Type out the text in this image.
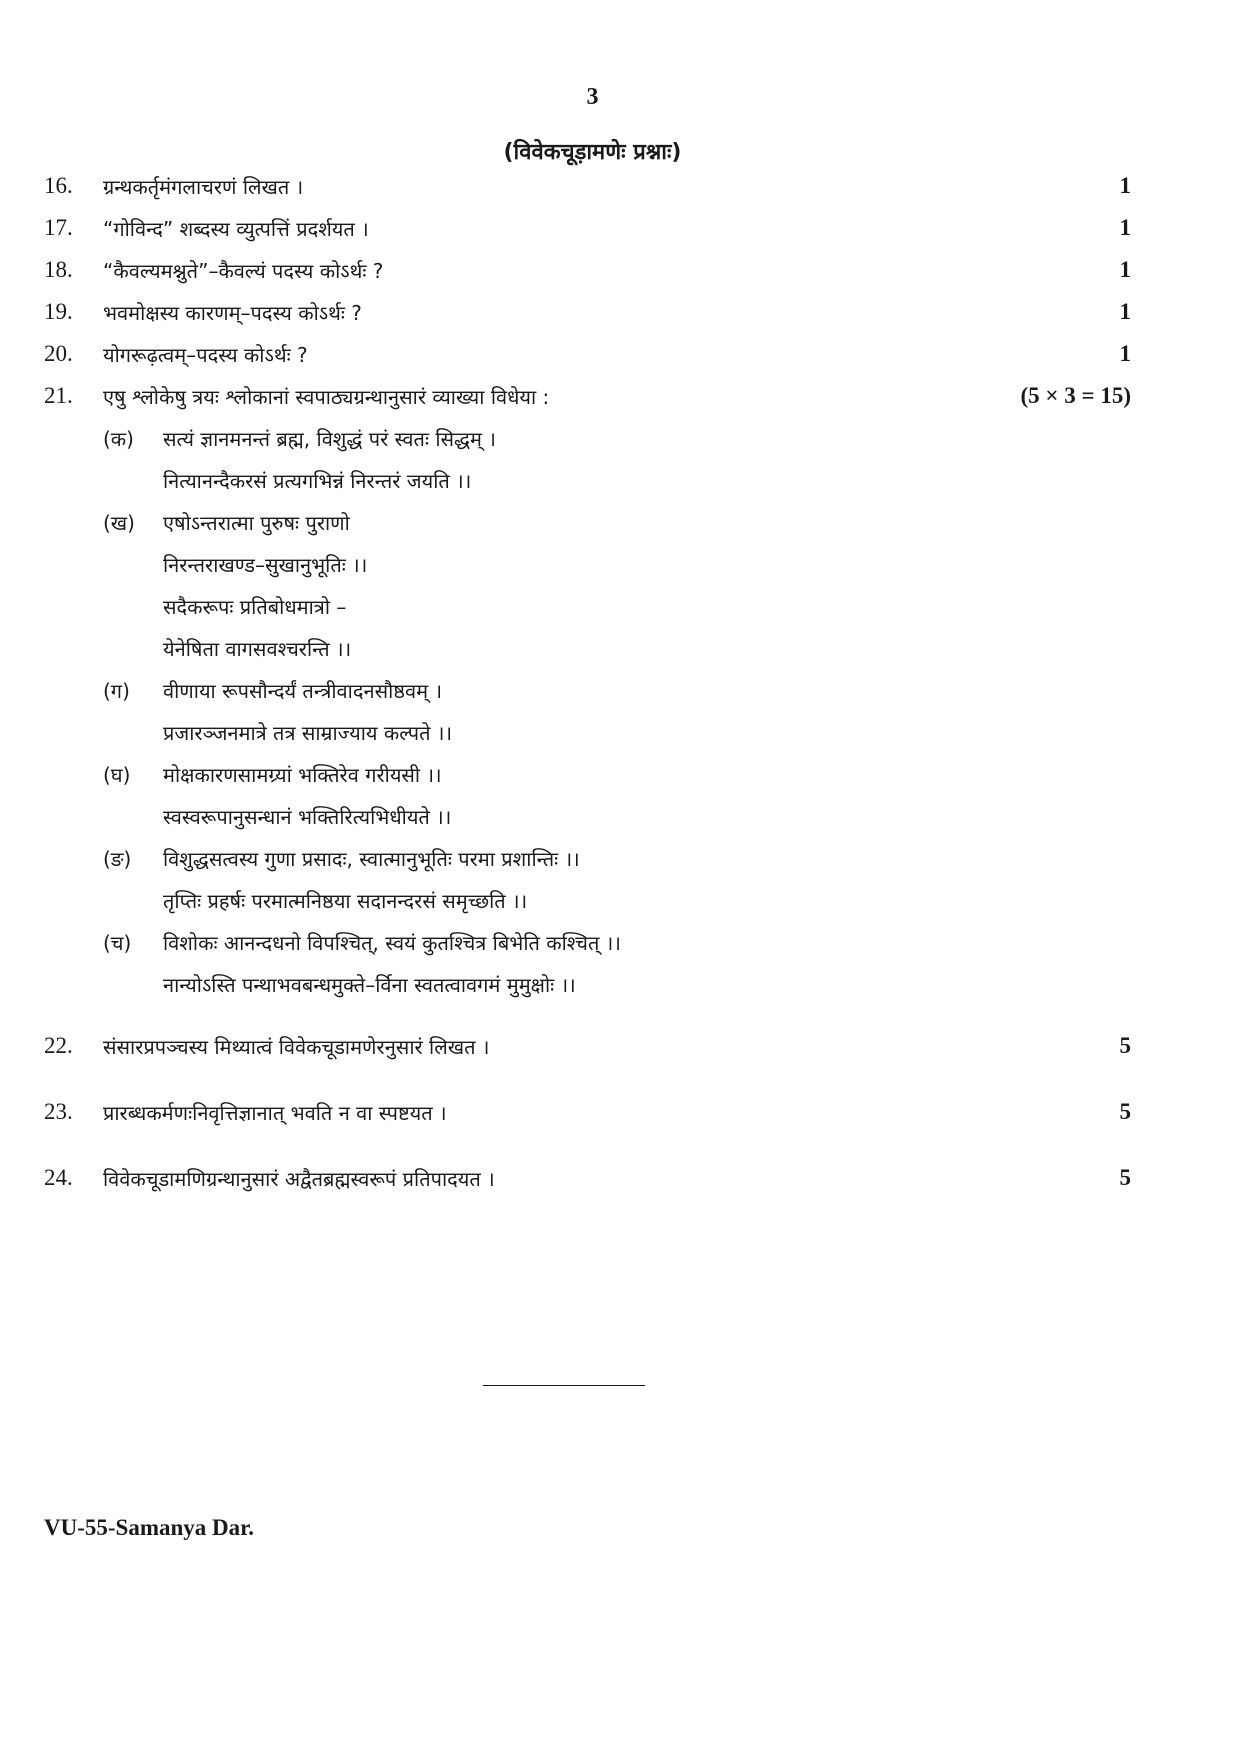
3
(विवेकचूड़ामणेः प्रश्नाः)
16.	ग्रन्थकर्तृमंगलाचरणं लिखत ।	1
17.	“गोविन्द” शब्दस्य व्युत्पत्तिं प्रदर्शयत ।	1
18.	“कैवल्यमश्नुते”–कैवल्यं पदस्य कोऽर्थः ?	1
19.	भवमोक्षस्य कारणम्–पदस्य कोऽर्थः ?	1
20.	योगरूढ़त्वम्–पदस्य कोऽर्थः ?	1
21.	एषु श्लोकेषु त्रयः श्लोकानां स्वपाठ्यग्रन्थानुसारं व्याख्या विधेया :	(5 × 3 = 15)
(क) सत्यं ज्ञानमनन्तं ब्रह्म, विशुद्धं परं स्वतः सिद्धम् ।
नित्यानन्दैकरसं प्रत्यगभिन्नं निरन्तरं जयति ।।
(ख) एषोऽन्तरात्मा पुरुषः पुराणो
निरन्तराखण्ड–सुखानुभूतिः ।।
सदैकरूपः प्रतिबोधमात्रो –
येनेषिता वागसवश्चरन्ति ।।
(ग) वीणाया रूपसौन्दर्यं तन्त्रीवादनसौष्ठवम् ।
प्रजारञ्जनमात्रे तत्र साम्राज्याय कल्पते ।।
(घ) मोक्षकारणसामग्र्यां भक्तिरेव गरीयसी ।।
स्वस्वरूपानुसन्धानं भक्तिरित्यभिधीयते ।।
(ङ) विशुद्धसत्वस्य गुणा प्रसादः, स्वात्मानुभूतिः परमा प्रशान्तिः ।।
तृप्तिः प्रहर्षः परमात्मनिष्ठया सदानन्दरसं समृच्छति ।।
(च) विशोकः आनन्दधनो विपश्चित्, स्वयं कुतश्चित्र बिभेति कश्चित् ।।
नान्योऽस्ति पन्थाभवबन्धमुक्ते–र्विना स्वतत्वावगमं मुमुक्षोः ।।
22.	संसारप्रपञ्चस्य मिथ्यात्वं विवेकचूडामणेरनुसारं लिखत ।	5
23.	प्रारब्धकर्मणःनिवृत्तिज्ञानात् भवति न वा स्पष्टयत ।	5
24.	विवेकचूडामणिग्रन्थानुसारं अद्वैतब्रह्मस्वरूपं प्रतिपादयत ।	5
VU-55-Samanya Dar.
